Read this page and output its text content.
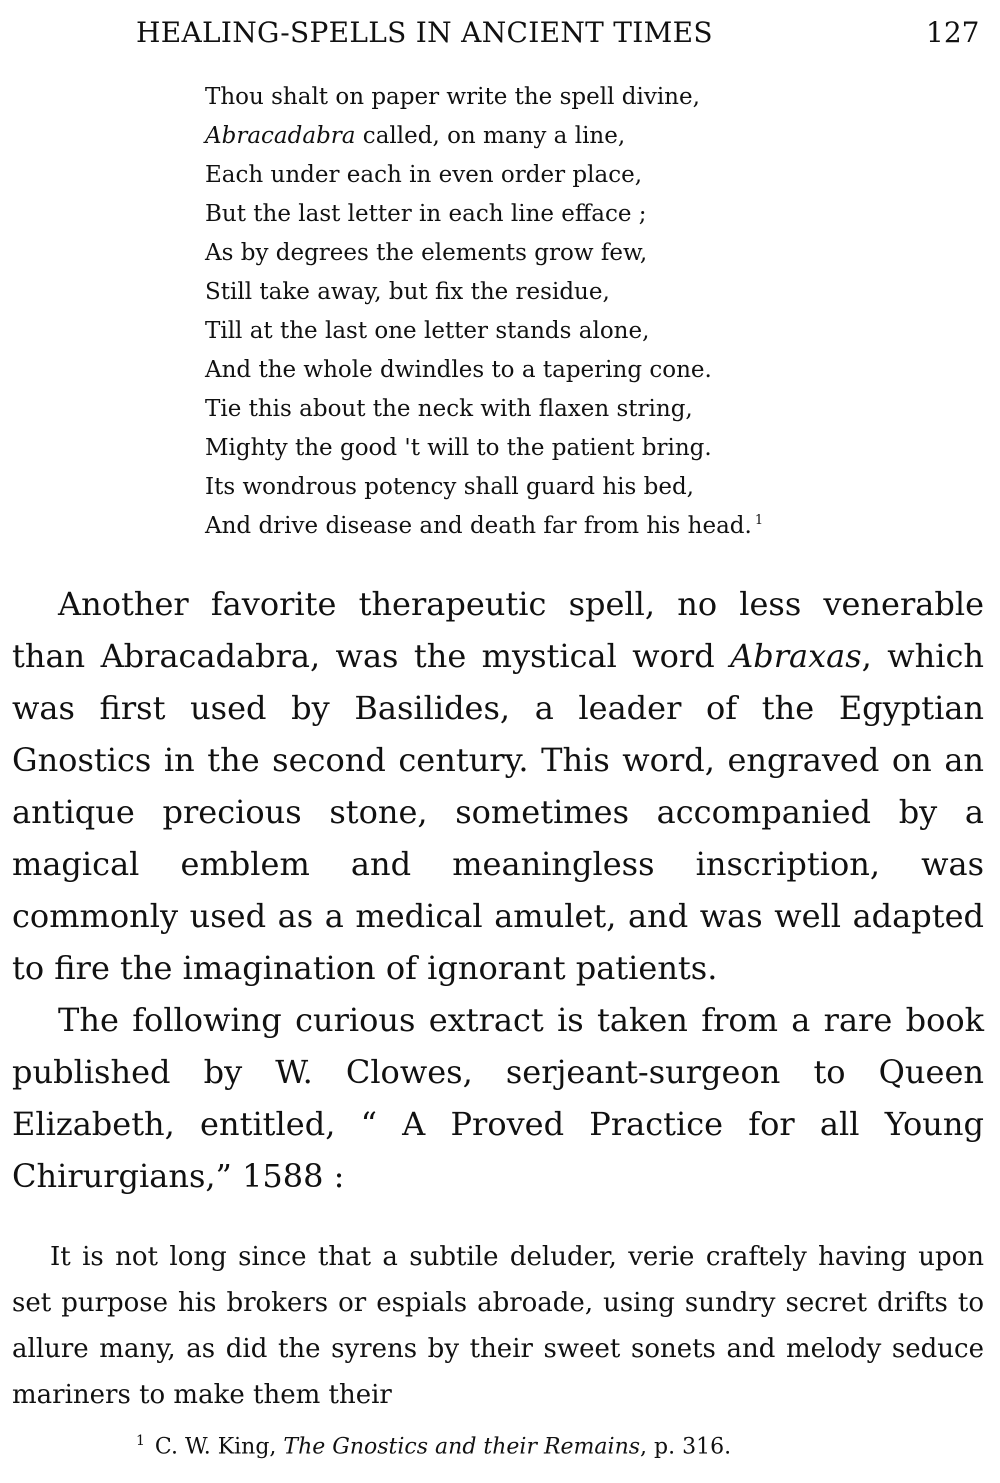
HEALING-SPELLS IN ANCIENT TIMES	127
Thou shalt on paper write the spell divine,
Abracadabra called, on many a line,
Each under each in even order place,
But the last letter in each line efface ;
As by degrees the elements grow few,
Still take away, but fix the residue,
Till at the last one letter stands alone,
And the whole dwindles to a tapering cone.
Tie this about the neck with flaxen string,
Mighty the good 't will to the patient bring.
Its wondrous potency shall guard his bed,
And drive disease and death far from his head. $^1$

Another favorite therapeutic spell, no less venerable than Abracadabra, was the mystical word Abraxas, which was first used by Basilides, a leader of the Egyptian Gnostics in the second century. This word, engraved on an antique precious stone, sometimes accompanied by a magical emblem and meaningless inscription, was commonly used as a medical amulet, and was well adapted to fire the imagination of ignorant patients.

The following curious extract is taken from a rare book published by W. Clowes, serjeant-surgeon to Queen Elizabeth, entitled, “ A Proved Practice for all Young Chirurgians,” 1588 :

It is not long since that a subtile deluder, verie craftely having upon set purpose his brokers or espials abroade, using sundry secret drifts to allure many, as did the syrens by their sweet sonets and melody seduce mariners to make them their

$^1$ C. W. King, The Gnostics and their Remains, p. 316.
